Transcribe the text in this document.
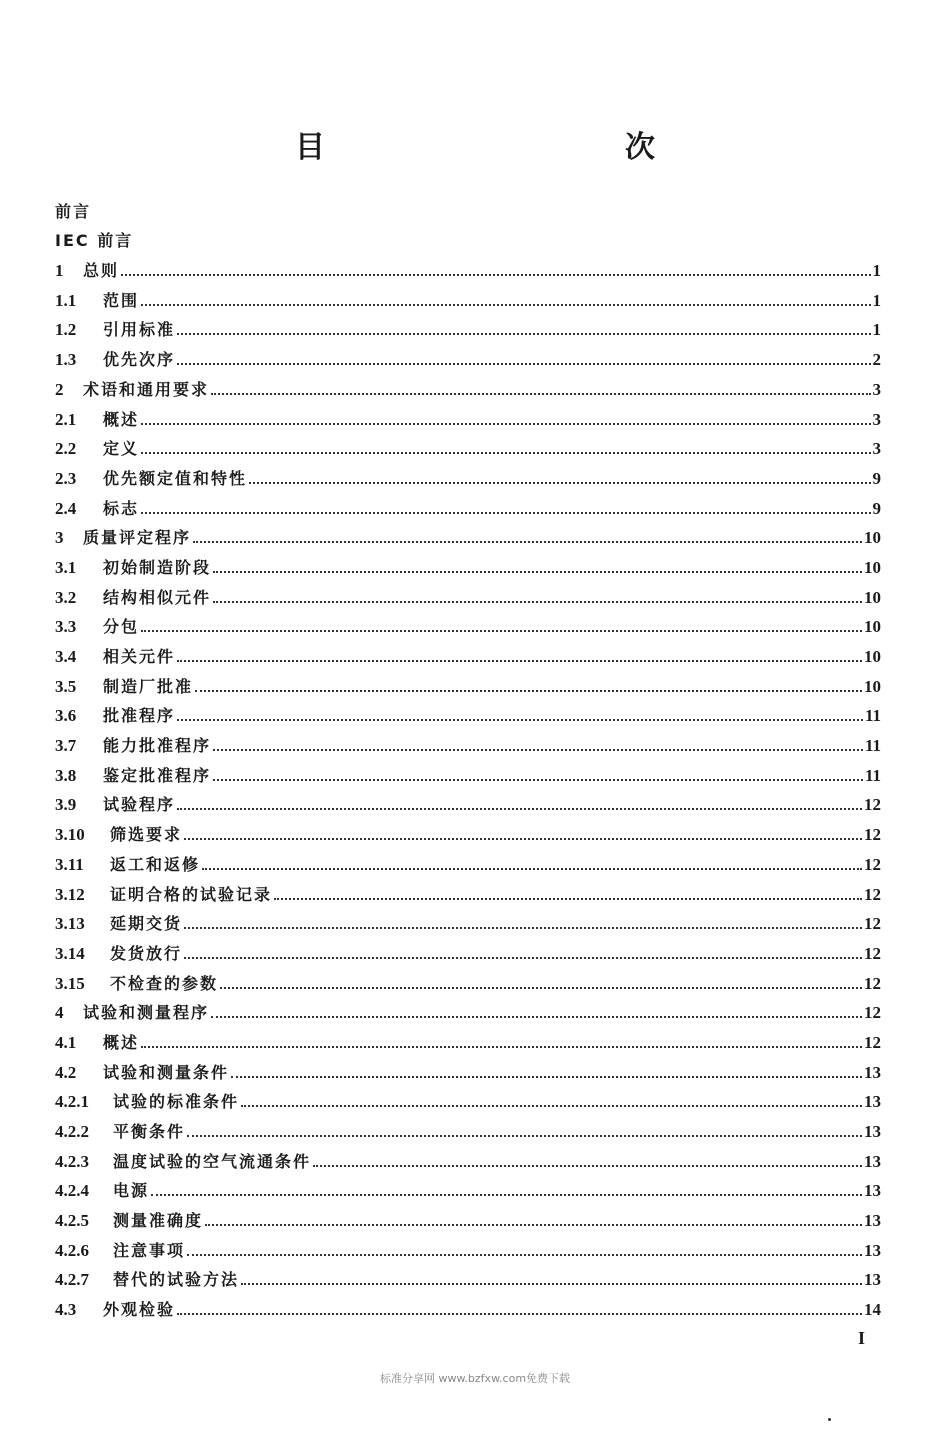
目　　次
前言
IEC 前言
1	总则	1
1.1	范围	1
1.2	引用标准	1
1.3	优先次序	2
2	术语和通用要求	3
2.1	概述	3
2.2	定义	3
2.3	优先额定值和特性	9
2.4	标志	9
3	质量评定程序	10
3.1	初始制造阶段	10
3.2	结构相似元件	10
3.3	分包	10
3.4	相关元件	10
3.5	制造厂批准	10
3.6	批准程序	11
3.7	能力批准程序	11
3.8	鉴定批准程序	11
3.9	试验程序	12
3.10	筛选要求	12
3.11	返工和返修	12
3.12	证明合格的试验记录	12
3.13	延期交货	12
3.14	发货放行	12
3.15	不检查的参数	12
4	试验和测量程序	12
4.1	概述	12
4.2	试验和测量条件	13
4.2.1	试验的标准条件	13
4.2.2	平衡条件	13
4.2.3	温度试验的空气流通条件	13
4.2.4	电源	13
4.2.5	测量准确度	13
4.2.6	注意事项	13
4.2.7	替代的试验方法	13
4.3	外观检验	14
I
标准分享网 www.bzfxw.com免费下载
